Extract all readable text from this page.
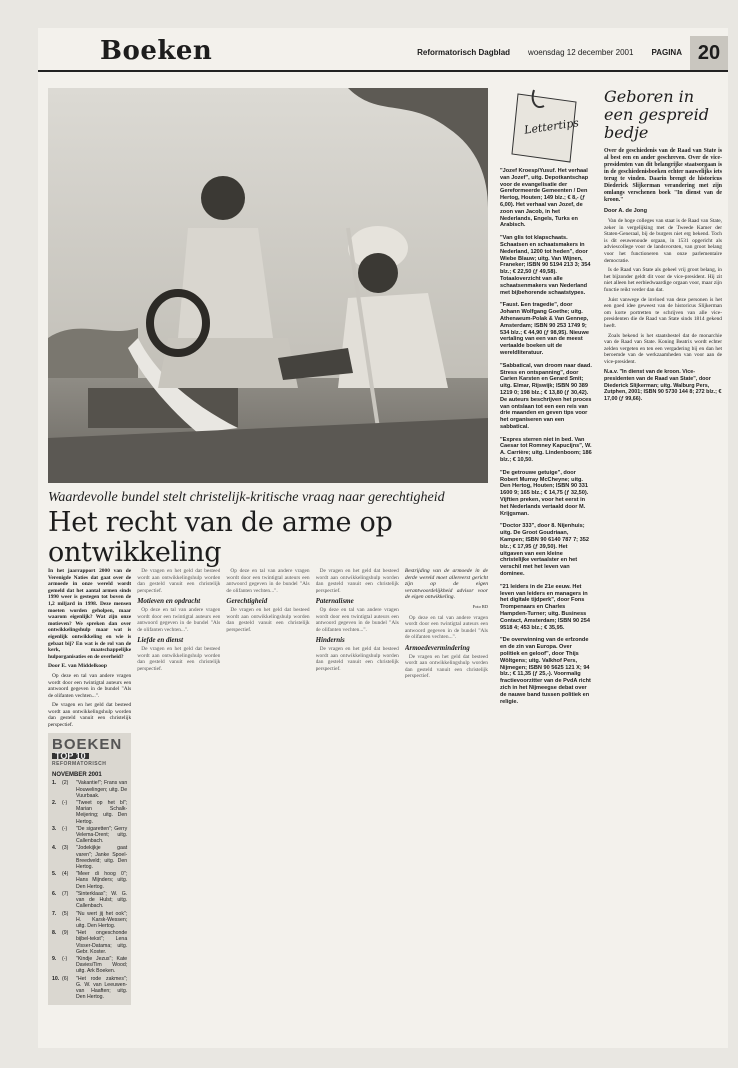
Boeken	Reformatorisch Dagblad woensdag 12 december 2001 PAGINA 20
Waardevolle bundel stelt christelijk-kritische vraag naar gerechtigheid
Het recht van de arme op ontwikkeling

In het jaarrapport 2000 van de Verenigde Naties dat gaat over de armoede in onze wereld wordt gemeld dat het aantal armen sinds 1990 weer is gestegen tot boven de 1,2 miljard in 1998. Deze mensen moeten worden geholpen, maar waarom eigenlijk? Wat zijn onze motieven? We spreken dan over ontwikkelingshulp maar wat is eigenlijk ontwikkeling en wie is gebaat bij? En wat is de rol van de kerk, maatschappelijke hulporganisaties en de overheid?

Door E. van Middelkoop

Op deze en tal van andere vragen wordt door een twintigtal auteurs een antwoord gegeven in de bundel "Als de olifanten vechten...".

De vragen en het geld dat besteed wordt aan ontwikkelingshulp worden dan gesteld vanuit een christelijk perspectief.

BOEKEN
TOP 10
REFORMATORISCH
NOVEMBER 2001
1.	(2)	"Vakantie!"; Frans van Houwelingen; uitg. De Vuurbaak.
2.	(-)	"Tweet op het bl"; Marian Schalk-Meijering; uitg. Den Hertog.
3.	(-)	"De sigaretten"; Gerry Velema-Drent; uitg. Callenbach.
4.	(3)	"Jodekijkje gaat varen"; Janke Spoel-Breedveld; uitg. Den Hertog.
5.	(4)	"Meer di hoog 0"; Hans Mijnders; uitg. Den Hertog.
6.	(7)	"Sinterklaas"; W. G. van de Hulst; uitg. Callenbach.
7.	(5)	"Nu wert jij het ook"; H. Karsk-Wessen; uitg. Den Hertog.
8.	(9)	"Het ongeschonde bijbel-tekst"; Lena Visser-Datama; uitg. Gebr. Koster.
9.	(-)	"Kindje Jezus"; Kate Davies/Tim Wood; uitg. Ark Boeken.
10. (6)	"Het rode zakmes"; G. W. van Leeuwen-van Haaften; uitg. Den Hertog.

De vragen en het geld dat besteed wordt aan ontwikkelingshulp worden dan gesteld vanuit een christelijk perspectief.

Motieven en opdracht

Op deze en tal van andere vragen wordt door een twintigtal auteurs een antwoord gegeven in de bundel "Als de olifanten vechten...".

Liefde en dienst

De vragen en het geld dat besteed wordt aan ontwikkelingshulp worden dan gesteld vanuit een christelijk perspectief.

Op deze en tal van andere vragen wordt door een twintigtal auteurs een antwoord gegeven in de bundel "Als de olifanten vechten...".

Gerechtigheid

De vragen en het geld dat besteed wordt aan ontwikkelingshulp worden dan gesteld vanuit een christelijk perspectief.

De vragen en het geld dat besteed wordt aan ontwikkelingshulp worden dan gesteld vanuit een christelijk perspectief.

Paternalisme

Op deze en tal van andere vragen wordt door een twintigtal auteurs een antwoord gegeven in de bundel "Als de olifanten vechten...".

Hindernis

De vragen en het geld dat besteed wordt aan ontwikkelingshulp worden dan gesteld vanuit een christelijk perspectief.

Bestrijding van de armoede in de derde wereld moet allereerst gericht zijn op de eigen verantwoordelijkheid advisor voor de eigen ontwikkeling.
Foto RD

Op deze en tal van andere vragen wordt door een twintigtal auteurs een antwoord gegeven in de bundel "Als de olifanten vechten...".

Armoedevermindering

De vragen en het geld dat besteed wordt aan ontwikkelingshulp worden dan gesteld vanuit een christelijk perspectief.

Lettertips
"Jozef Kroesp/Yusuf. Het verhaal van Jozef", uitg. Depotkantschap voor de evangelisatie der Gereformeerde Gemeenten / Den Hertog, Houten; 149 blz.; € 8,- (ƒ 6,00). Het verhaal van Jozef, de zoon van Jacob, in het Nederlands, Engels, Turks en Arabisch.
"Van glis tot klapschaats. Schaatsen en schaatsmakers in Nederland, 1200 tot heden", door Wiebe Blauw; uitg. Van Wijnen, Franeker; ISBN 90 5194 213 3; 354 blz.; € 22,50 (ƒ 49,58). Totaaloverzicht van alle schaatsenmakers van Nederland met bijbehorende schaatstypes.
"Faust. Een tragedie", door Johann Wolfgang Goethe; uitg. Athenaeum-Polak & Van Gennep, Amsterdam; ISBN 90 253 1749 9; 534 blz.; € 44,90 (ƒ 98,95). Nieuwe vertaling van een van de meest vertaalde boeken uit de wereldliteratuur.
"Sabbatical, van droom naar daad. Stress en ontspanning", door Carien Karsten en Gerard Smit; uitg. Elmar, Rijswijk; ISBN 90 389 1219 0; 198 blz.; € 13,80 (ƒ 30,42). De auteurs beschrijven het proces van ontslaan tot een een reis van drie maanden en geven tips voor het organiseren van een sabbatical.
"Expres sterren niet in bed. Van Caesar tot Romney Kapucijns", W. A. Carrière; uitg. Lindenboom; 186 blz.; € 10,50.
"De getrouwe getuige", door Robert Murray McCheyne; uitg. Den Hertog, Houten; ISBN 90 331 1600 9; 165 blz.; € 14,75 (ƒ 32,50). Vijftien preken, voor het eerst in het Nederlands vertaald door M. Krijgsman.
"Doctor 333", door 8. Nijenhuis; uitg. De Groot Goudriaan, Kampen; ISBN 90 6140 787 7; 352 blz.; € 17,95 (ƒ 39,50). Het uitgaven van een kleine christelijke vertaalster en het verschil met het leven van dominee.
"21 leiders in de 21e eeuw. Het leven van leiders en managers in het digitale tijdperk", door Fons Trompenaars en Charles Hampden-Turner; uitg. Business Contact, Amsterdam; ISBN 90 254 9518 4; 453 blz.; € 35,95.
"De overwinning van de erfzonde en de zin van Europa. Over politiek en geloof", door Thijs Wöltgens; uitg. Valkhof Pers, Nijmegen; ISBN 90 5625 121 X; 94 blz.; € 11,35 (ƒ 25,-). Voormalig fractievoorzitter van de PvdA richt zich in het Nijmeegse debat over de nauwe band tussen politiek en religie.
Geboren in een gespreid bedje
Over de geschiedenis van de Raad van State is al best een en ander geschreven. Over de vice-presidenten van dit belangrijke staatsorgaan is in de geschiedenisboeken echter nauwelijks iets terug te vinden. Daarin brengt de historicus Diederick Slijkerman verandering met zijn omlangs verschenen boek "In dienst van de kroon."
Door A. de Jong

Van de hoge colleges van staat is de Raad van State, zeker in vergelijking met de Tweede Kamer der Staten-Generaal, bij de burgers niet erg bekend. Toch is dit eeuwenoude orgaan, in 1531 opgericht als adviescollege voor de landsvorsten, van groot belang voor het functioneren van onze parlementaire democratie.

Is de Raad van State als geheel vrij groot belang, in het bijzonder geldt dit voor de vice-president. Hij zit niet alleen het eerbiedwaardige orgaan voor, maar zijn functie reikt verder dan dat.

Juist vanwege de invloed van deze personen is het een goed idee geweest van de historicus Slijkerman om korte portretten te schrijven van alle vice-presidenten die de Raad van State sinds 1814 gekend heeft.

Zoals bekend is het staatsbestel dat de monarchie van de Raad van State. Koning Beatrix wordt echter zelden vergeten en ten een vergadering bij en dan het beroemde van de werkzaamheden van voor aan de vice-president.

N.a.v. "In dienst van de kroon. Vice-presidenten van de Raad van State", door Diederick Slijkerman; uitg. Walburg Pers, Zutphen, 2001; ISBN 90 5730 144 8; 272 blz.; € 17,00 (ƒ 99,66).
